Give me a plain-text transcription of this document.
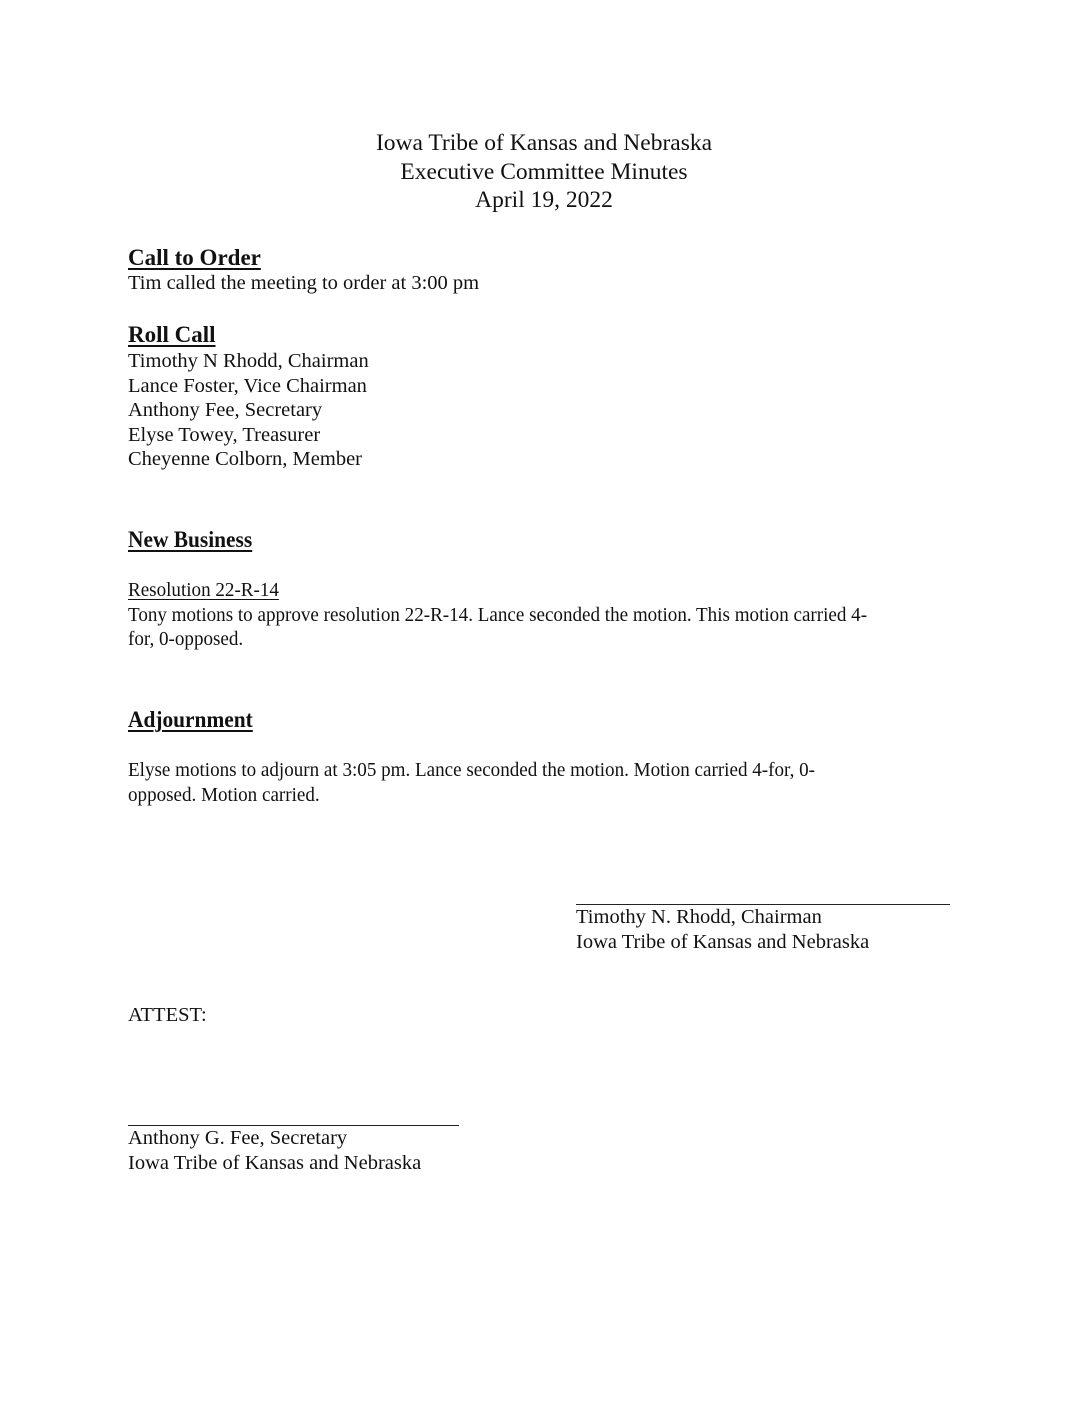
Iowa Tribe of Kansas and Nebraska
Executive Committee Minutes
April 19, 2022
Call to Order
Tim called the meeting to order at 3:00 pm
Roll Call
Timothy N Rhodd, Chairman
Lance Foster, Vice Chairman
Anthony Fee, Secretary
Elyse Towey, Treasurer
Cheyenne Colborn, Member
New Business
Resolution 22-R-14
Tony motions to approve resolution 22-R-14. Lance seconded the motion. This motion carried 4-
for, 0-opposed.
Adjournment
Elyse motions to adjourn at 3:05 pm. Lance seconded the motion. Motion carried 4-for, 0-
opposed. Motion carried.
Timothy N. Rhodd, Chairman
Iowa Tribe of Kansas and Nebraska
ATTEST:
Anthony G. Fee, Secretary
Iowa Tribe of Kansas and Nebraska
